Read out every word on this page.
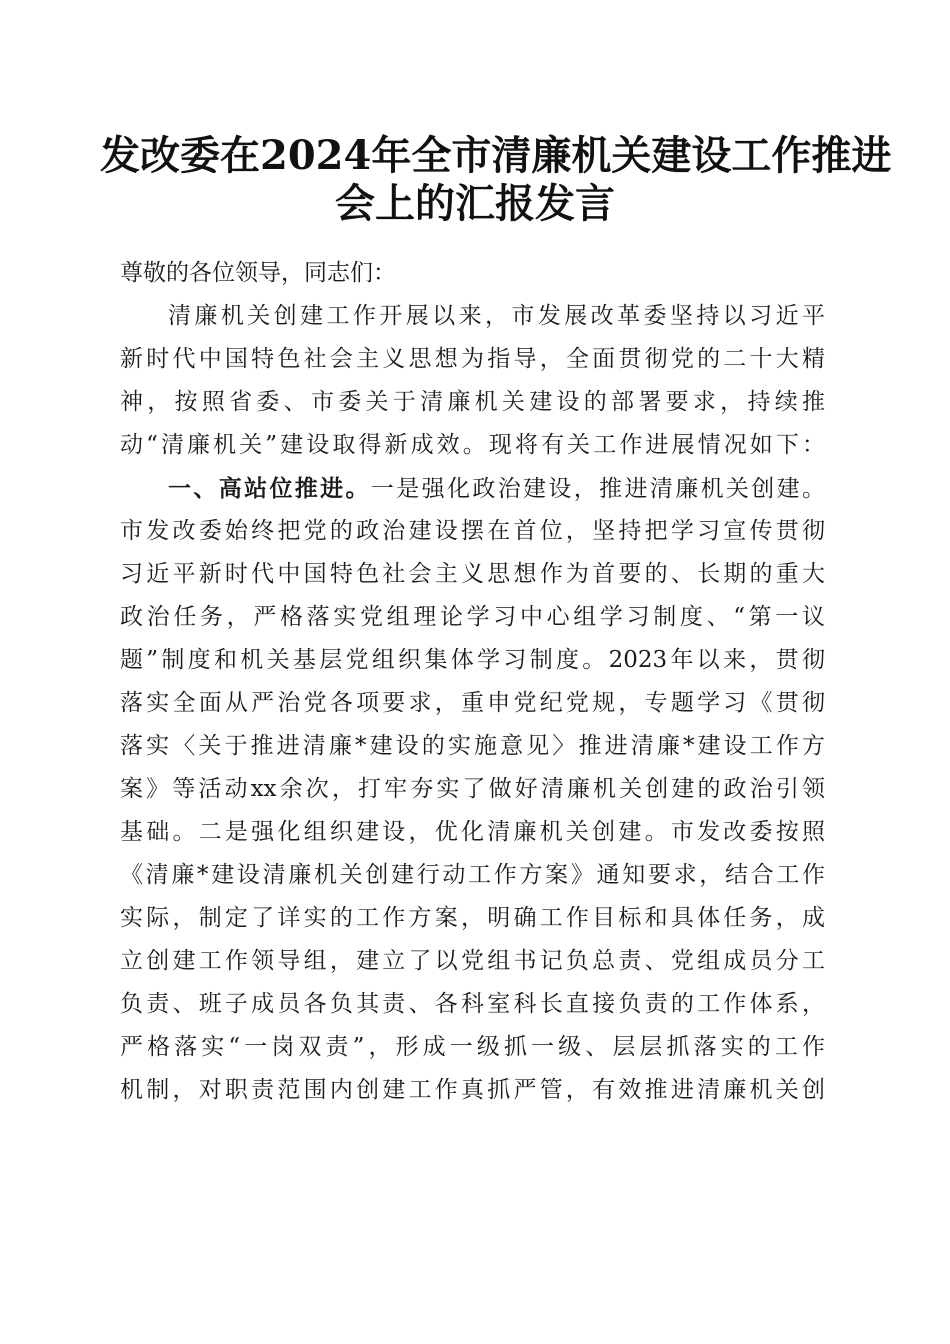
发改委在2024年全市清廉机关建设工作推进
会上的汇报发言
尊敬的各位领导，同志们：
清廉机关创建工作开展以来，市发展改革委坚持以习近平
新时代中国特色社会主义思想为指导，全面贯彻党的二十大精
神，按照省委、市委关于清廉机关建设的部署要求，持续推
动“清廉机关”建设取得新成效。现将有关工作进展情况如下：
一、高站位推进。一是强化政治建设，推进清廉机关创建。
市发改委始终把党的政治建设摆在首位，坚持把学习宣传贯彻
习近平新时代中国特色社会主义思想作为首要的、长期的重大
政治任务，严格落实党组理论学习中心组学习制度、“第一议
题”制度和机关基层党组织集体学习制度。2023年以来，贯彻
落实全面从严治党各项要求，重申党纪党规，专题学习《贯彻
落实〈关于推进清廉*建设的实施意见〉推进清廉*建设工作方
案》等活动xx余次，打牢夯实了做好清廉机关创建的政治引领
基础。二是强化组织建设，优化清廉机关创建。市发改委按照
《清廉*建设清廉机关创建行动工作方案》通知要求，结合工作
实际，制定了详实的工作方案，明确工作目标和具体任务，成
立创建工作领导组，建立了以党组书记负总责、党组成员分工
负责、班子成员各负其责、各科室科长直接负责的工作体系，
严格落实“一岗双责”，形成一级抓一级、层层抓落实的工作
机制，对职责范围内创建工作真抓严管，有效推进清廉机关创
